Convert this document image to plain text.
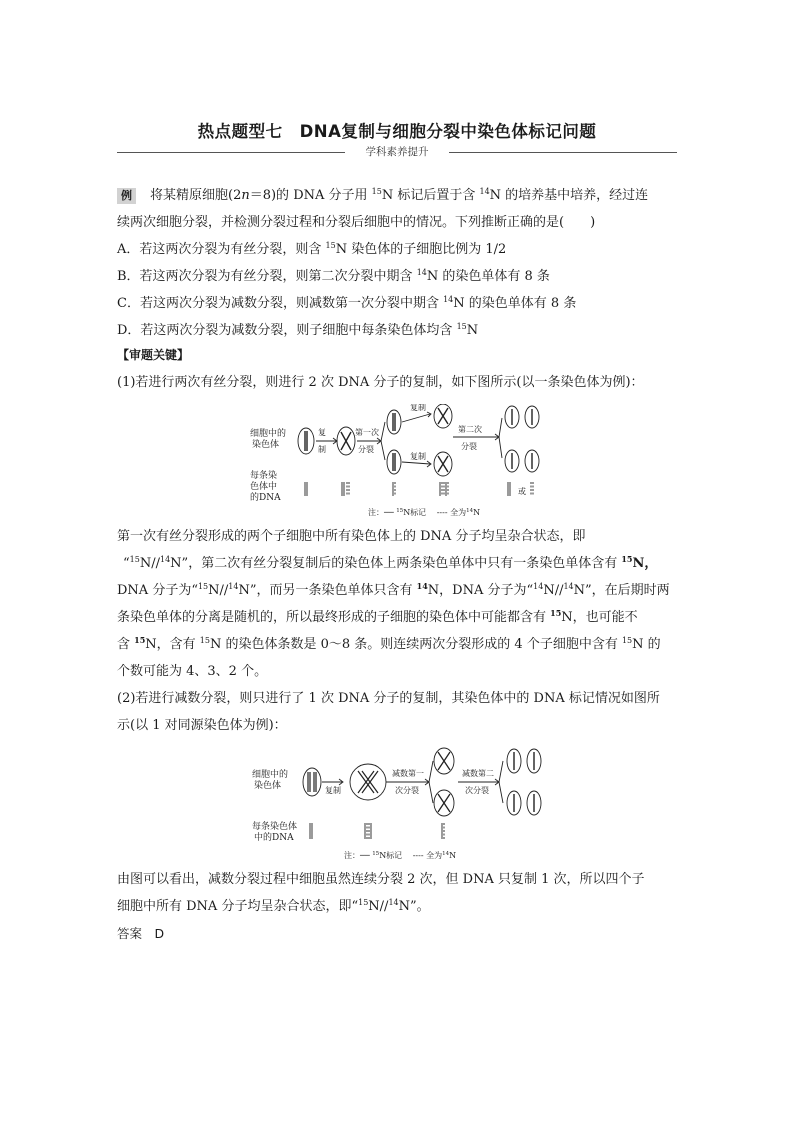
热点题型七　DNA复制与细胞分裂中染色体标记问题
学科素养提升
例 将某精原细胞(2n＝8)的 DNA 分子用 $^{15}$N 标记后置于含 $^{14}$N 的培养基中培养，经过连
续两次细胞分裂，并检测分裂过程和分裂后细胞中的情况。下列推断正确的是(　　)
A．若这两次分裂为有丝分裂，则含 $^{15}$N 染色体的子细胞比例为 1/2
B．若这两次分裂为有丝分裂，则第二次分裂中期含 $^{14}$N 的染色单体有 8 条
C．若这两次分裂为减数分裂，则减数第一次分裂中期含 $^{14}$N 的染色单体有 8 条
D．若这两次分裂为减数分裂，则子细胞中每条染色体均含 $^{15}$N
【审题关键】
(1)若进行两次有丝分裂，则进行 2 次 DNA 分子的复制，如下图所示(以一条染色体为例)：
细胞中的
染色体
每条染
色体中
的DNA
复
制
第一次
分裂
复制
复制
第二次
分裂
或
注：── $^{15}$N标记　 ---- 全为$^{14}$N
第一次有丝分裂形成的两个子细胞中所有染色体上的 DNA 分子均呈杂合状态，即
“$^{15}$N//$^{14}$N”，第二次有丝分裂复制后的染色体上两条染色单体中只有一条染色单体含有 $^{15}$N，
DNA 分子为“$^{15}$N//$^{14}$N”，而另一条染色单体只含有 $^{14}$N，DNA 分子为“$^{14}$N//$^{14}$N”，在后期时两
条染色单体的分离是随机的，所以最终形成的子细胞的染色体中可能都含有 $^{15}$N，也可能不
含 $^{15}$N，含有 $^{15}$N 的染色体条数是 0～8 条。则连续两次分裂形成的 4 个子细胞中含有 $^{15}$N 的
个数可能为 4、3、2 个。
(2)若进行减数分裂，则只进行了 1 次 DNA 分子的复制，其染色体中的 DNA 标记情况如图所
示(以 1 对同源染色体为例)：
细胞中的
染色体
每条染色体
中的DNA
复制
减数第一
次分裂
减数第二
次分裂
注：── $^{15}$N标记　 ---- 全为$^{14}$N
由图可以看出，减数分裂过程中细胞虽然连续分裂 2 次，但 DNA 只复制 1 次，所以四个子
细胞中所有 DNA 分子均呈杂合状态，即“$^{15}$N//$^{14}$N”。
答案　D
